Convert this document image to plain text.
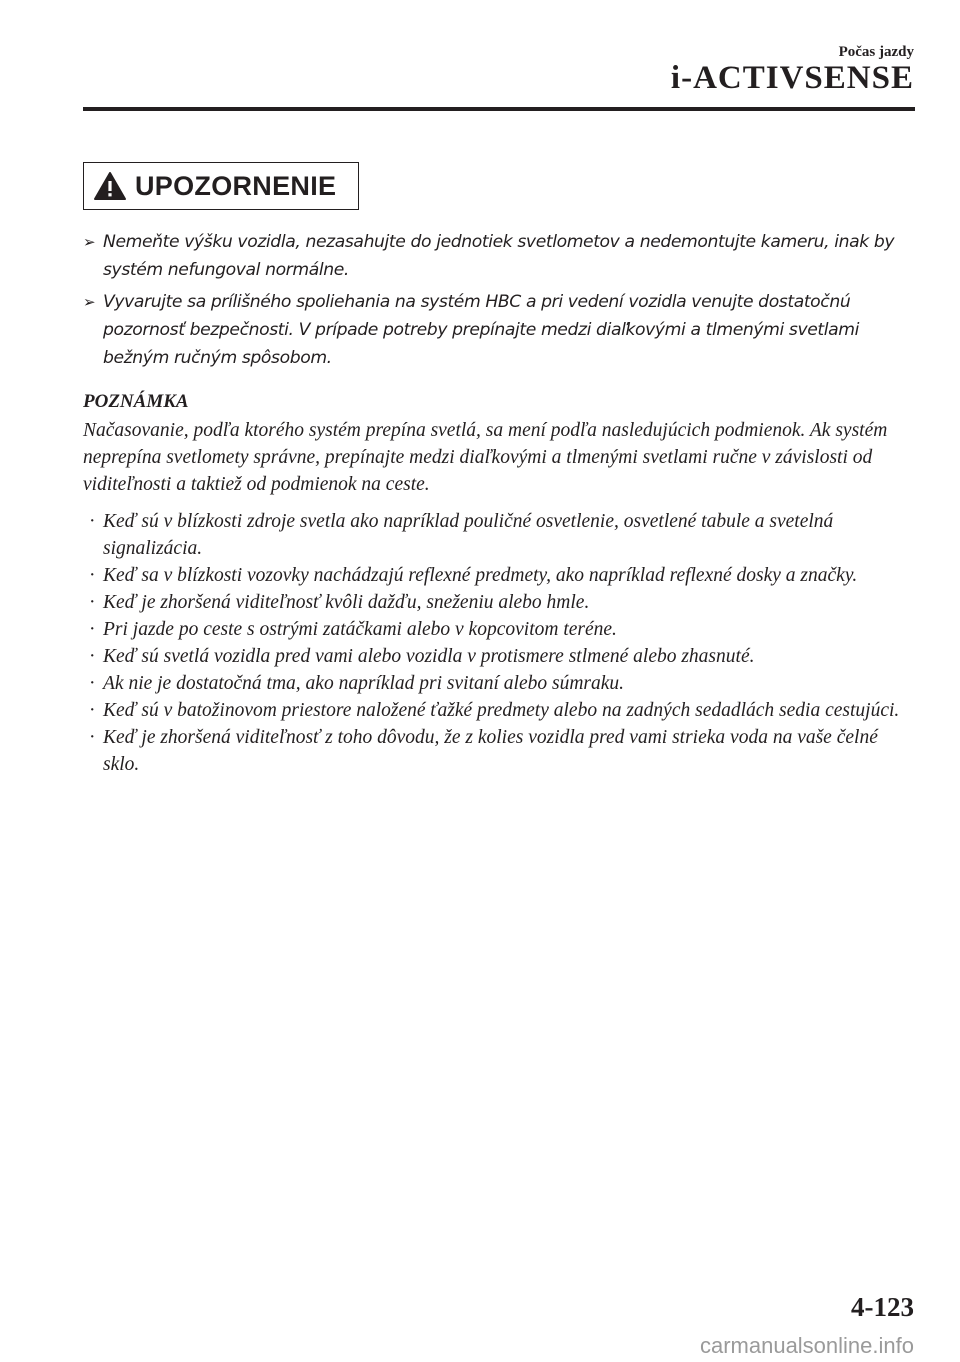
Počas jazdy
i-ACTIVSENSE
UPOZORNENIE
➢ Nemeňte výšku vozidla, nezasahujte do jednotiek svetlometov a nedemontujte kameru, inak by systém nefungoval normálne.
➢ Vyvarujte sa prílišného spoliehania na systém HBC a pri vedení vozidla venujte dostatočnú pozornosť bezpečnosti. V prípade potreby prepínajte medzi diaľkovými a tlmenými svetlami bežným ručným spôsobom.
POZNÁMKA

Načasovanie, podľa ktorého systém prepína svetlá, sa mení podľa nasledujúcich podmienok. Ak systém neprepína svetlomety správne, prepínajte medzi diaľkovými a tlmenými svetlami ručne v závislosti od viditeľnosti a taktiež od podmienok na ceste.

· Keď sú v blízkosti zdroje svetla ako napríklad pouličné osvetlenie, osvetlené tabule a svetelná signalizácia.
· Keď sa v blízkosti vozovky nachádzajú reflexné predmety, ako napríklad reflexné dosky a značky.
· Keď je zhoršená viditeľnosť kvôli dažďu, sneženiu alebo hmle.
· Pri jazde po ceste s ostrými zatáčkami alebo v kopcovitom teréne.
· Keď sú svetlá vozidla pred vami alebo vozidla v protismere stlmené alebo zhasnuté.
· Ak nie je dostatočná tma, ako napríklad pri svitaní alebo súmraku.
· Keď sú v batožinovom priestore naložené ťažké predmety alebo na zadných sedadlách sedia cestujúci.
· Keď je zhoršená viditeľnosť z toho dôvodu, že z kolies vozidla pred vami strieka voda na vaše čelné sklo.
4-123
carmanualsonline.info
